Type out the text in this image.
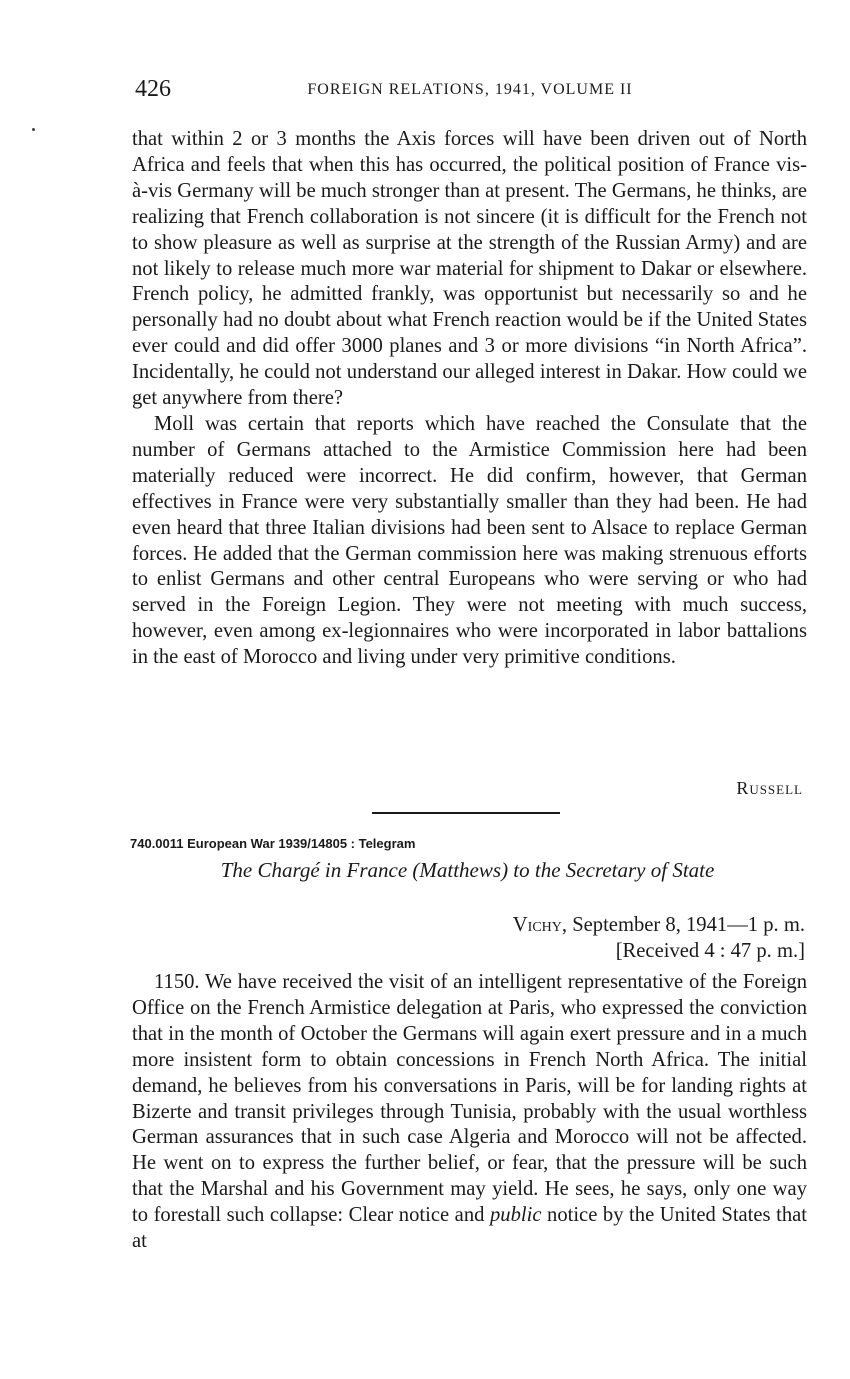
426	FOREIGN RELATIONS, 1941, VOLUME II

that within 2 or 3 months the Axis forces will have been driven out of North Africa and feels that when this has occurred, the political position of France vis-à-vis Germany will be much stronger than at present. The Germans, he thinks, are realizing that French collaboration is not sincere (it is difficult for the French not to show pleasure as well as surprise at the strength of the Russian Army) and are not likely to release much more war material for shipment to Dakar or elsewhere. French policy, he admitted frankly, was opportunist but necessarily so and he personally had no doubt about what French reaction would be if the United States ever could and did offer 3000 planes and 3 or more divisions “in North Africa”. Incidentally, he could not understand our alleged interest in Dakar. How could we get anywhere from there?

Moll was certain that reports which have reached the Consulate that the number of Germans attached to the Armistice Commission here had been materially reduced were incorrect. He did confirm, however, that German effectives in France were very substantially smaller than they had been. He had even heard that three Italian divisions had been sent to Alsace to replace German forces. He added that the German commission here was making strenuous efforts to enlist Germans and other central Europeans who were serving or who had served in the Foreign Legion. They were not meeting with much success, however, even among ex-legionnaires who were incorporated in labor battalions in the east of Morocco and living under very primitive conditions.

Russell
740.0011 European War 1939/14805 : Telegram
The Chargé in France (Matthews) to the Secretary of State
Vichy, September 8, 1941—1 p. m.
[Received 4 : 47 p. m.]

1150. We have received the visit of an intelligent representative of the Foreign Office on the French Armistice delegation at Paris, who expressed the conviction that in the month of October the Germans will again exert pressure and in a much more insistent form to obtain concessions in French North Africa. The initial demand, he believes from his conversations in Paris, will be for landing rights at Bizerte and transit privileges through Tunisia, probably with the usual worthless German assurances that in such case Algeria and Morocco will not be affected. He went on to express the further belief, or fear, that the pressure will be such that the Marshal and his Government may yield. He sees, he says, only one way to forestall such collapse: Clear notice and public notice by the United States that at
